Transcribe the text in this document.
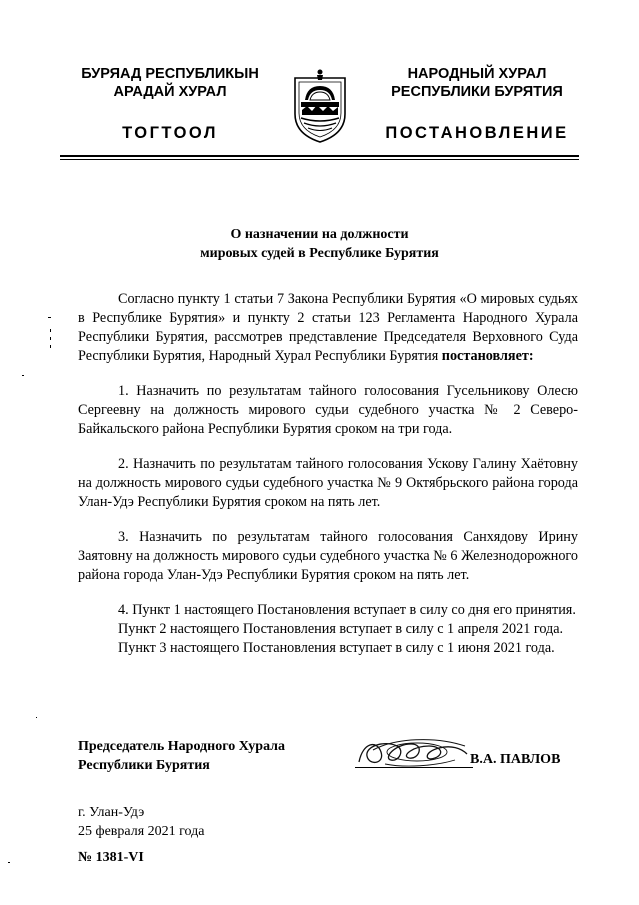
БУРЯАД РЕСПУБЛИКЫН
АРАДАЙ ХУРАЛ
НАРОДНЫЙ ХУРАЛ
РЕСПУБЛИКИ БУРЯТИЯ
ТОГТООЛ	ПОСТАНОВЛЕНИЕ
О назначении на должности
мировых судей в Республике Бурятия

Согласно пункту 1 статьи 7 Закона Республики Бурятия «О мировых судьях в Республике Бурятия» и пункту 2 статьи 123 Регламента Народного Хурала Республики Бурятия, рассмотрев представление Председателя Верховного Суда Республики Бурятия, Народный Хурал Республики Бурятия постановляет:

1. Назначить по результатам тайного голосования Гусельникову Олесю Сергеевну на должность мирового судьи судебного участка № 2 Северо-Байкальского района Республики Бурятия сроком на три года.

2. Назначить по результатам тайного голосования Ускову Галину Хаётовну на должность мирового судьи судебного участка № 9 Октябрьского района города Улан-Удэ Республики Бурятия сроком на пять лет.

3. Назначить по результатам тайного голосования Санхядову Ирину Заятовну на должность мирового судьи судебного участка № 6 Железнодорожного района города Улан-Удэ Республики Бурятия сроком на пять лет.

4. Пункт 1 настоящего Постановления вступает в силу со дня его принятия.

Пункт 2 настоящего Постановления вступает в силу с 1 апреля 2021 года.

Пункт 3 настоящего Постановления вступает в силу с 1 июня 2021 года.

Председатель Народного Хурала
Республики Бурятия	В.А. ПАВЛОВ
г. Улан-Удэ
25 февраля 2021 года
№ 1381-VI
